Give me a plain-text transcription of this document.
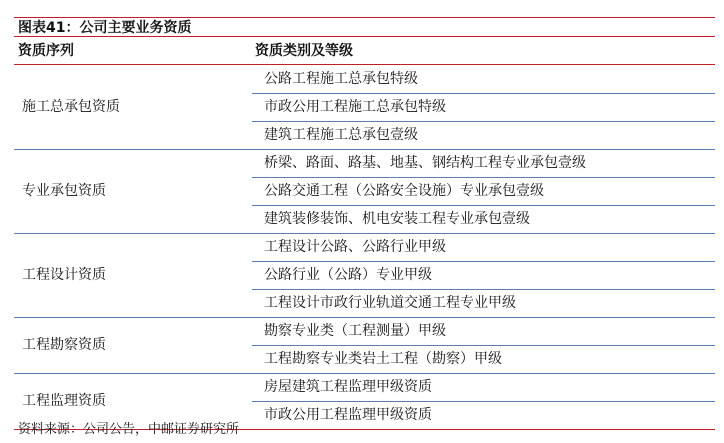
图表41：公司主要业务资质
资质序列	资质类别及等级
施工总承包资质	公路工程施工总承包特级
	市政公用工程施工总承包特级
	建筑工程施工总承包壹级
专业承包资质	桥梁、路面、路基、地基、钢结构工程专业承包壹级
	公路交通工程（公路安全设施）专业承包壹级
	建筑装修装饰、机电安装工程专业承包壹级
工程设计资质	工程设计公路、公路行业甲级
	公路行业（公路）专业甲级
	工程设计市政行业轨道交通工程专业甲级
工程勘察资质	勘察专业类（工程测量）甲级
	工程勘察专业类岩土工程（勘察）甲级
工程监理资质	房屋建筑工程监理甲级资质
	市政公用工程监理甲级资质
资料来源：公司公告，中邮证券研究所
